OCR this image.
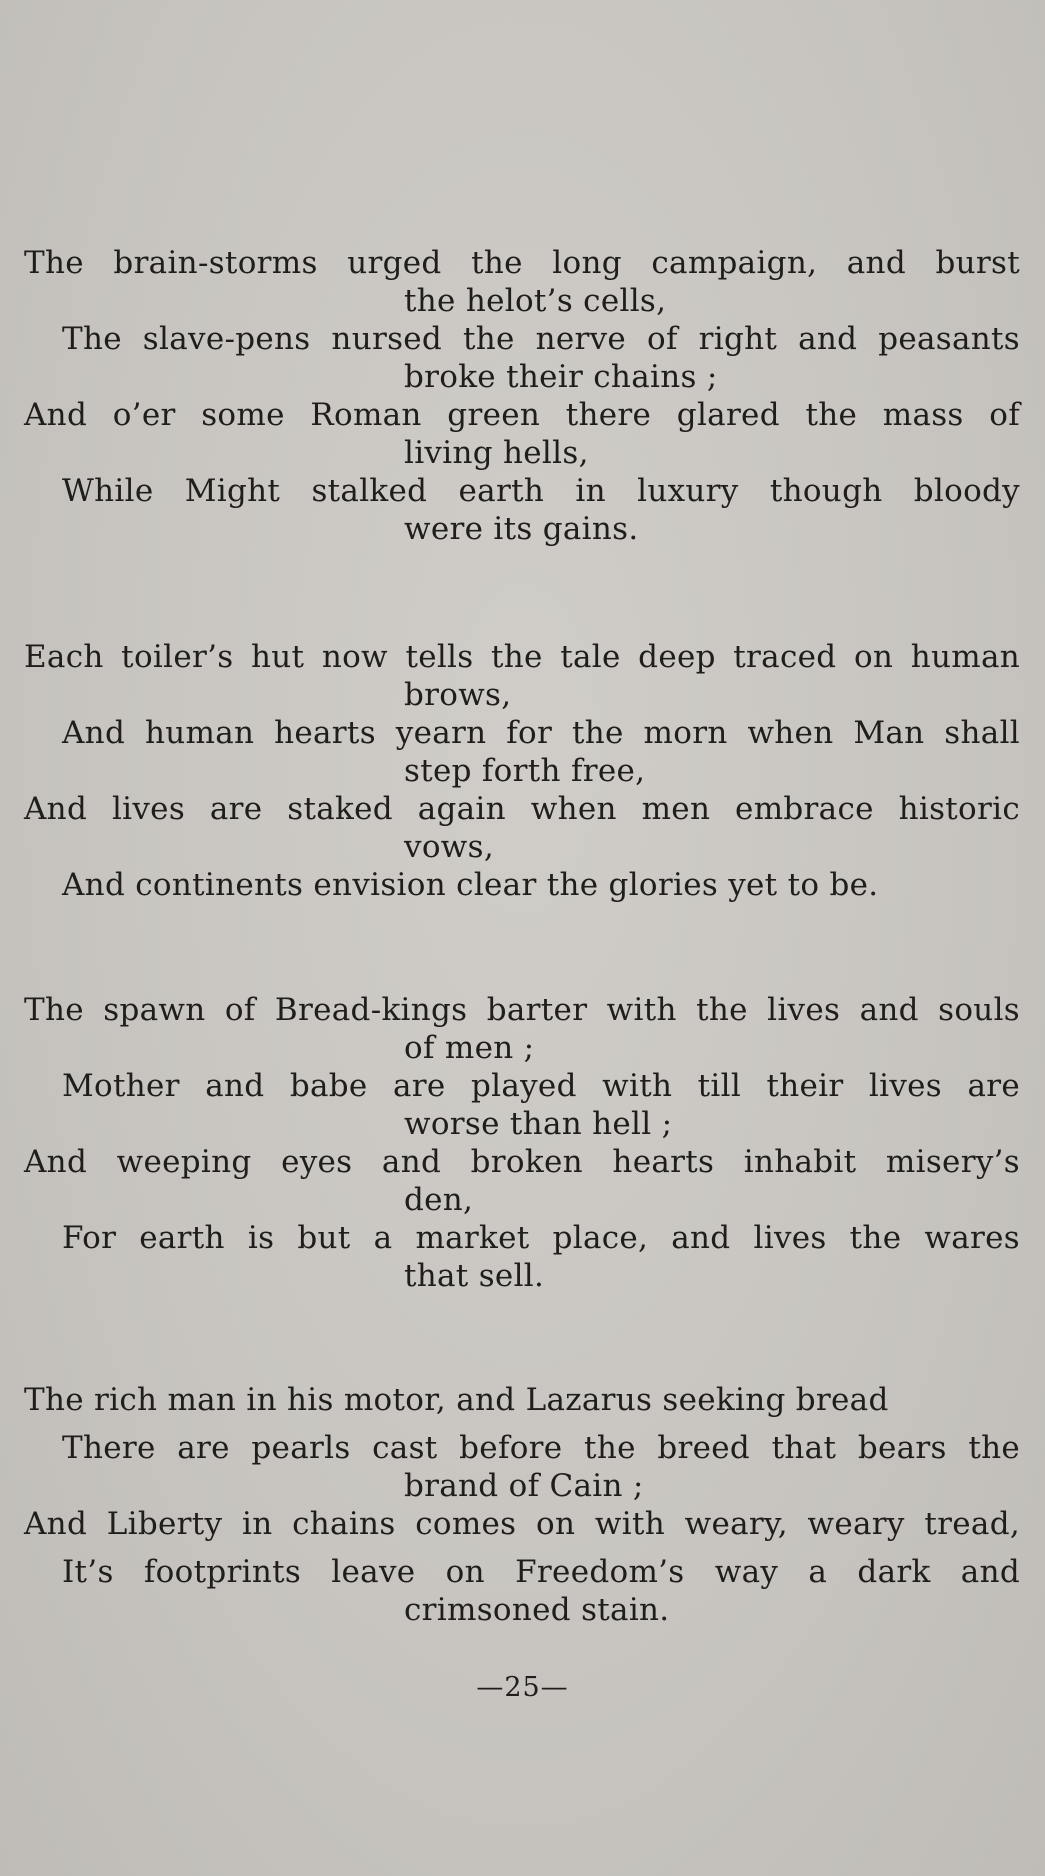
The brain-storms urged the long campaign, and burst
the helot’s cells,
The slave-pens nursed the nerve of right and peasants
broke their chains ;
And o’er some Roman green there glared the mass of
living hells,
While Might stalked earth in luxury though bloody
were its gains.
Each toiler’s hut now tells the tale deep traced on human
brows,
And human hearts yearn for the morn when Man shall
step forth free,
And lives are staked again when men embrace historic
vows,
And continents envision clear the glories yet to be.
The spawn of Bread-kings barter with the lives and souls
of men ;
Mother and babe are played with till their lives are
worse than hell ;
And weeping eyes and broken hearts inhabit misery’s
den,
For earth is but a market place, and lives the wares
that sell.
The rich man in his motor, and Lazarus seeking bread
There are pearls cast before the breed that bears the
brand of Cain ;
And Liberty in chains comes on with weary, weary tread,
It’s footprints leave on Freedom’s way a dark and
crimsoned stain.
—25—
